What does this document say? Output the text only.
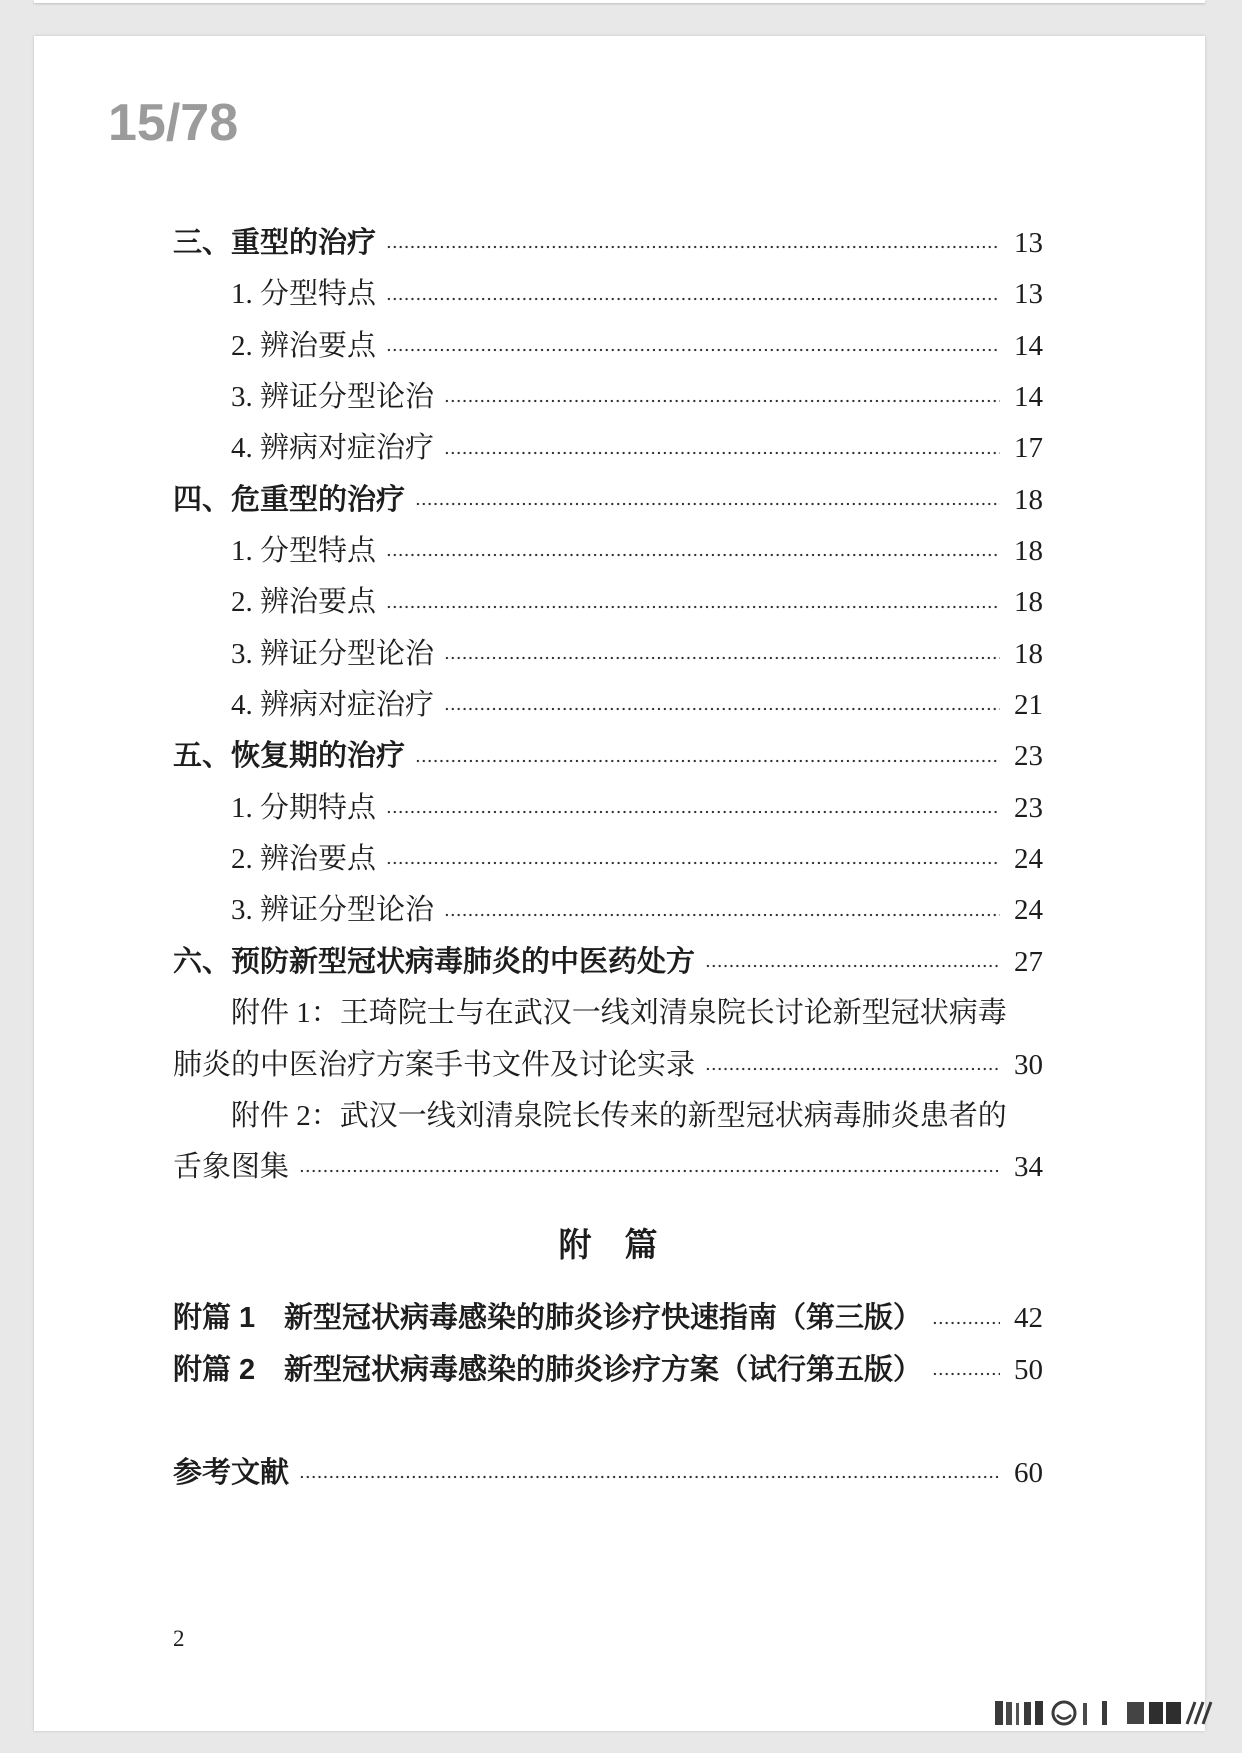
15/78
三、重型的治疗	13
1. 分型特点	13
2. 辨治要点	14
3. 辨证分型论治	14
4. 辨病对症治疗	17
四、危重型的治疗	18
1. 分型特点	18
2. 辨治要点	18
3. 辨证分型论治	18
4. 辨病对症治疗	21
五、恢复期的治疗	23
1. 分期特点	23
2. 辨治要点	24
3. 辨证分型论治	24
六、预防新型冠状病毒肺炎的中医药处方	27
附件 1：王琦院士与在武汉一线刘清泉院长讨论新型冠状病毒
肺炎的中医治疗方案手书文件及讨论实录	30
附件 2：武汉一线刘清泉院长传来的新型冠状病毒肺炎患者的
舌象图集	34
附　篇
附篇 1 新型冠状病毒感染的肺炎诊疗快速指南（第三版）	42
附篇 2 新型冠状病毒感染的肺炎诊疗方案（试行第五版）	50
参考文献	60
2
